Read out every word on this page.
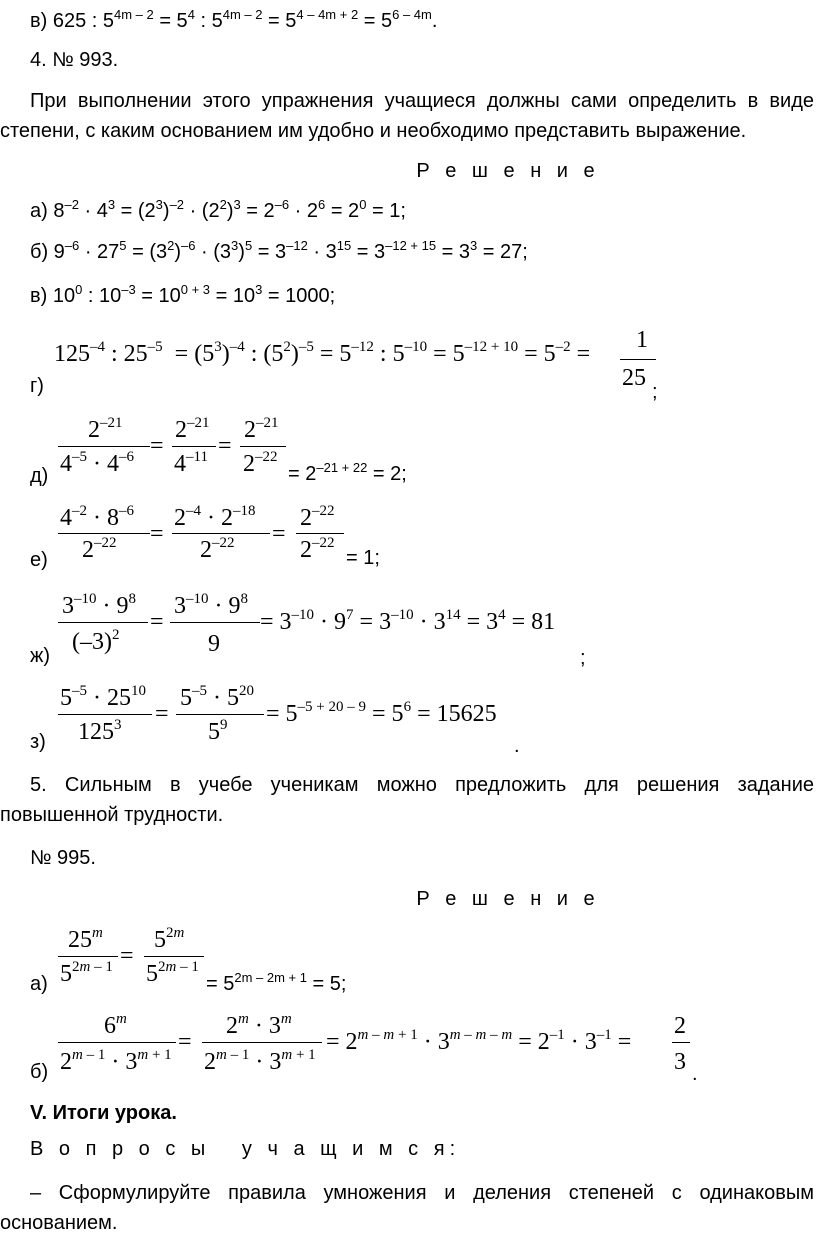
в) 625 : $5^{4m - 2} = 5^4$ : $5^{4m - 2} = 5^{4 - 4m + 2} = 5^{6 - 4m}$.
4. № 993.
При выполнении этого упражнения учащиеся должны сами определить в виде степени, с каким основанием им удобно и необходимо представить выражение.
Р е ш е н и е
а) $8^{-2} \cdot 4^3 = (2^3)^{-2} \cdot (2^2)^3 = 2^{-6} \cdot 2^6 = 2^0 = 1$;
б) $9^{-6} \cdot 27^5 = (3^2)^{-6} \cdot (3^3)^5 = 3^{-12} \cdot 3^{15} = 3^{-12 + 15} = 3^3 = 27$;
в) $10^0$ : $10^{-3} = 10^{0 + 3} = 10^3 = 1000$;
г)
$125^{-4}$ : $25^{-5} = (5^3)^{-4}$ : $(5^2)^{-5} = 5^{-12}$ : $5^{-10} = 5^{-12 + 10} = 5^{-2}$ =
1
25
;
д)
$2^{-21}$
$4^{-5} \cdot 4^{-6}$ =
$2^{-21}$
$4^{-11}$ =
$2^{-21}$
$2^{-22}$
= $2^{-21 + 22} = 2$;
е)
$4^{-2} \cdot 8^{-6}$
$2^{-22}$ =
$2^{-4} \cdot 2^{-18}$
$2^{-22}$ =
$2^{-22}$
$2^{-22}$
= 1;
ж)
$3^{-10} \cdot 9^8$
$(-3)^2$ =
$3^{-10} \cdot 9^8$
9
= $3^{-10} \cdot 9^7 = 3^{-10} \cdot 3^{14} = 3^4 = 81$
;
з)
$5^{-5} \cdot 25^{10}$
$125^3$ =
$5^{-5} \cdot 5^{20}$
$5^9 = 5^{-5 + 20 - 9} = 5^6 = 15625$
.
5. Сильным в учебе ученикам можно предложить для решения задание повышенной трудности.
№ 995.
Р е ш е н и е
а)
25$^m$
$5^{2m - 1}$ =
$5^{2m}$
$5^{2m - 1}$
= $5^{2m - 2m + 1} = 5$;
б)
6$^m$
$2^{m - 1} \cdot 3^{m + 1}$ =
$2^m \cdot 3^m$
$2^{m - 1} \cdot 3^{m + 1} = 2^{m - m + 1} \cdot 3^{m - m - m} = 2^{-1} \cdot 3^{-1}$ =
2
3 .
V. Итоги урока.
В о п р о с ы   у ч а щ и м с я:
– Сформулируйте правила умножения и деления степеней с одинаковым основанием.
